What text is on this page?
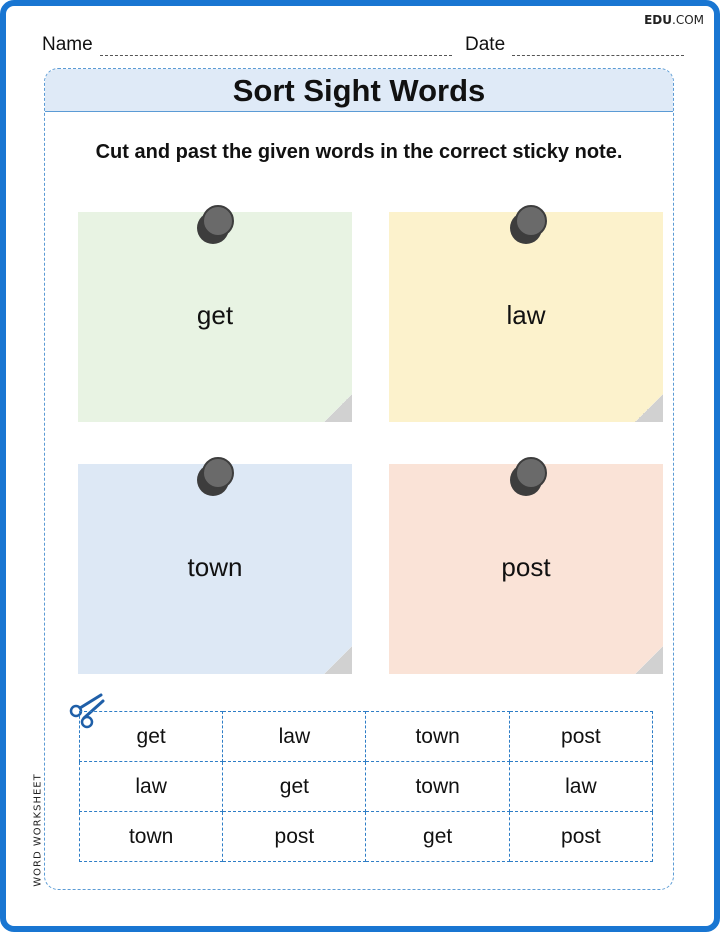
EDU.COM
Name	Date
Sort Sight Words
Cut and past the given words in the correct sticky note.
get	law
town	post
get	law	town	post
law	get	town	law
town	post	get	post
WORD WORKSHEET
